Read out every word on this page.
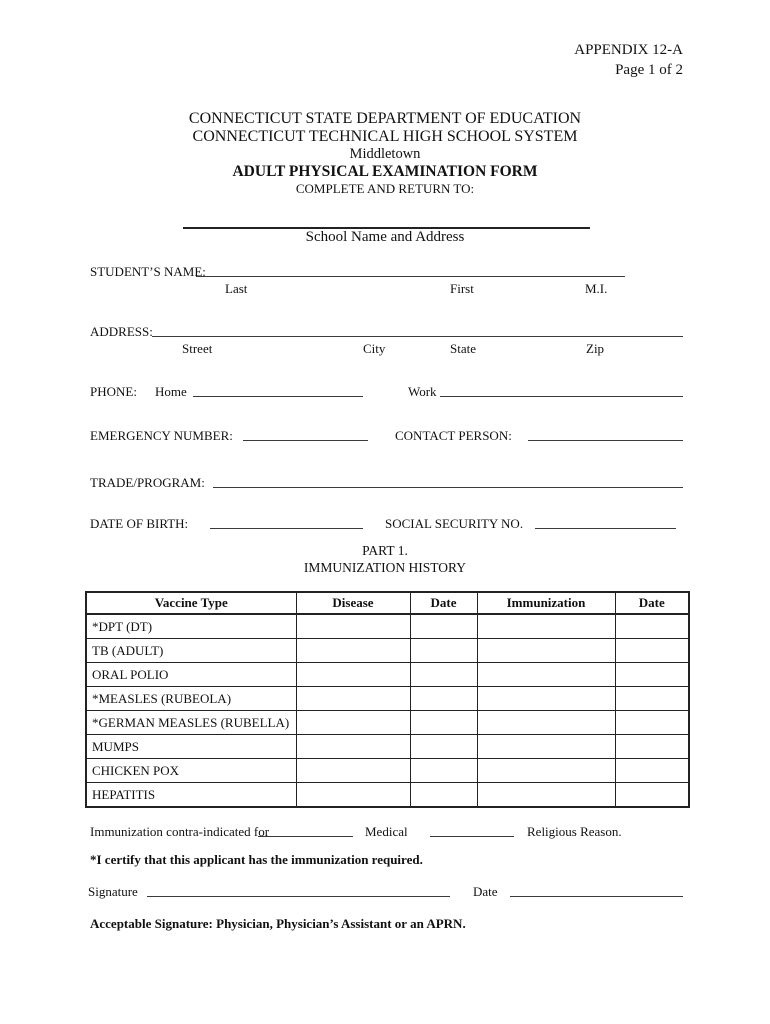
APPENDIX 12-A
Page 1 of 2
CONNECTICUT STATE DEPARTMENT OF EDUCATION
CONNECTICUT TECHNICAL HIGH SCHOOL SYSTEM
Middletown
ADULT PHYSICAL EXAMINATION FORM
COMPLETE AND RETURN TO:
School Name and Address
STUDENT’S NAME:
Last	First	M.I.
ADDRESS:
Street	City	State	Zip
PHONE: Home	Work
EMERGENCY NUMBER:	CONTACT PERSON:
TRADE/PROGRAM:
DATE OF BIRTH:	SOCIAL SECURITY NO.
PART 1.
IMMUNIZATION HISTORY
Vaccine Type	Disease	Date	Immunization	Date
*DPT (DT)				
TB (ADULT)				
ORAL POLIO				
*MEASLES (RUBEOLA)				
*GERMAN MEASLES (RUBELLA)				
MUMPS				
CHICKEN POX				
HEPATITIS				
Immunization contra-indicated for	Medical	Religious Reason.
*I certify that this applicant has the immunization required.
Signature	Date
Acceptable Signature: Physician, Physician’s Assistant or an APRN.
